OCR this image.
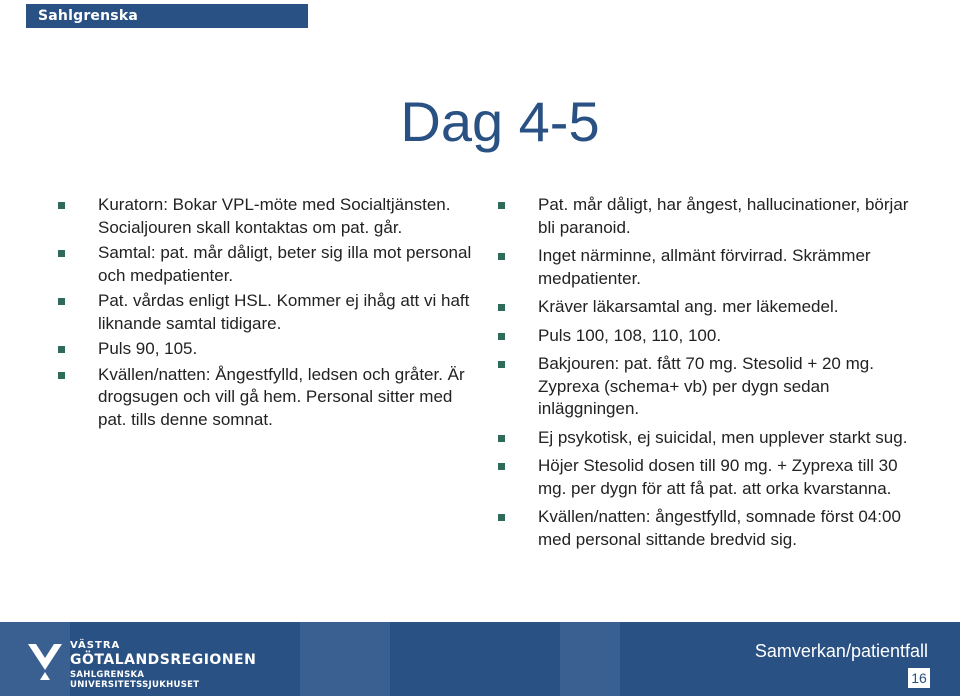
Sahlgrenska Universitetssjukhuset
Dag 4-5
Kuratorn: Bokar VPL-möte med Socialtjänsten. Socialjouren skall kontaktas om pat. går.
Samtal: pat. mår dåligt, beter sig illa mot personal och medpatienter.
Pat. vårdas enligt HSL. Kommer ej ihåg att vi haft liknande samtal tidigare.
Puls 90, 105.
Kvällen/natten: Ångestfylld, ledsen och gråter. Är drogsugen och vill gå hem. Personal sitter med pat. tills denne somnat.
Pat. mår dåligt, har ångest, hallucinationer, börjar bli paranoid.
Inget närminne, allmänt förvirrad. Skrämmer medpatienter.
Kräver läkarsamtal ang. mer läkemedel.
Puls 100, 108, 110, 100.
Bakjouren: pat. fått 70 mg. Stesolid + 20 mg. Zyprexa (schema+ vb) per dygn sedan inläggningen.
Ej psykotisk, ej suicidal, men upplever starkt sug.
Höjer Stesolid dosen till 90 mg. + Zyprexa till 30 mg. per dygn för att få pat. att orka kvarstanna.
Kvällen/natten: ångestfylld, somnade först 04:00 med personal sittande bredvid sig.
VÄSTRA
GÖTALANDSREGIONEN
SAHLGRENSKA UNIVERSITETSSJUKHUSET
Samverkan/patientfall
16
